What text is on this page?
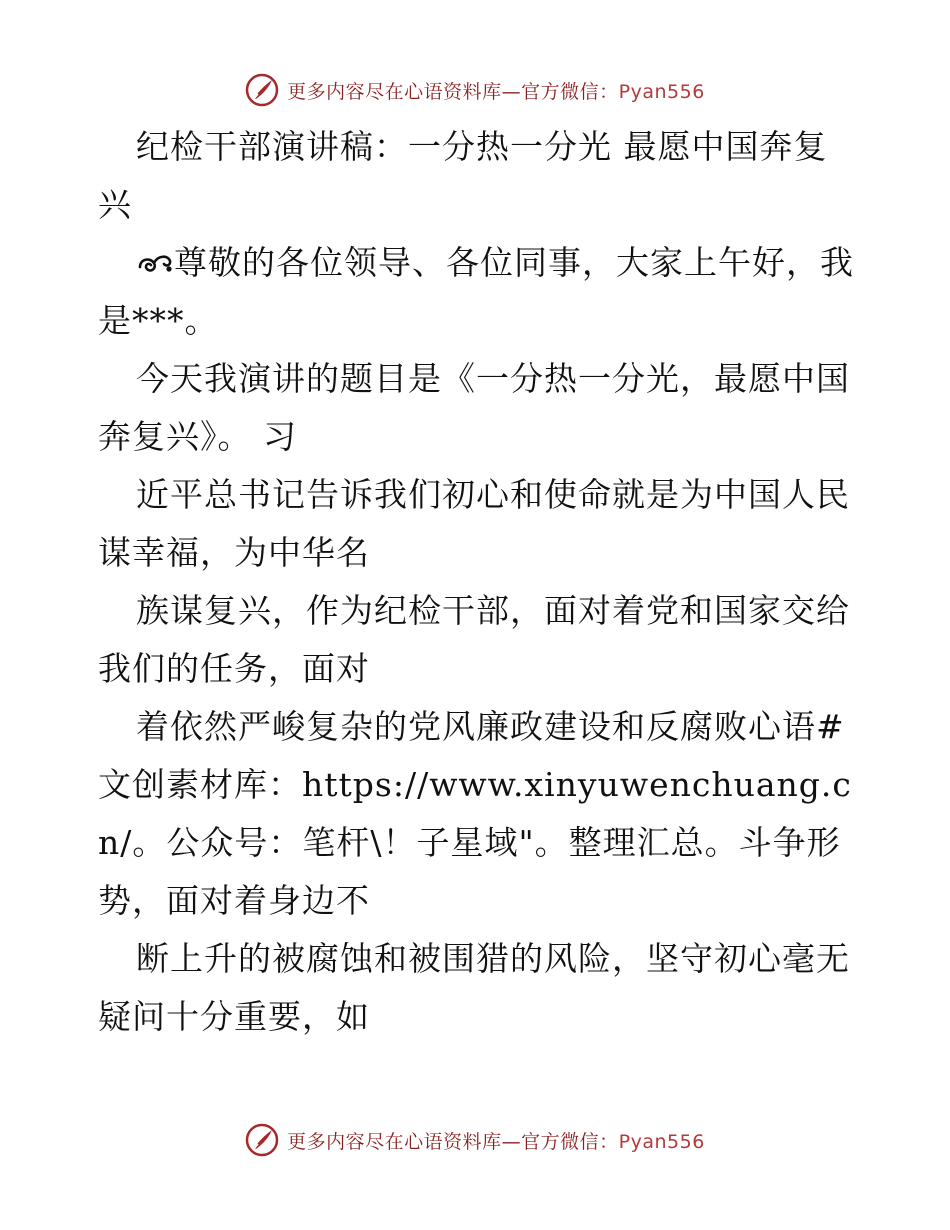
更多内容尽在心语资料库—官方微信：Pyan556

纪检干部演讲稿：一分热一分光 最愿中国奔复兴

尊敬的各位领导、各位同事，大家上午好，我是***。

今天我演讲的题目是《一分热一分光，最愿中国奔复兴》。 习

近平总书记告诉我们初心和使命就是为中国人民谋幸福，为中华名

族谋复兴，作为纪检干部，面对着党和国家交给我们的任务，面对

着依然严峻复杂的党风廉政建设和反腐败心语#文创素材库：https://www.xinyuwenchuang.cn/。公众号：笔杆\！子星域"。整理汇总。斗争形势，面对着身边不

断上升的被腐蚀和被围猎的风险，坚守初心毫无疑问十分重要，如

更多内容尽在心语资料库—官方微信：Pyan556
